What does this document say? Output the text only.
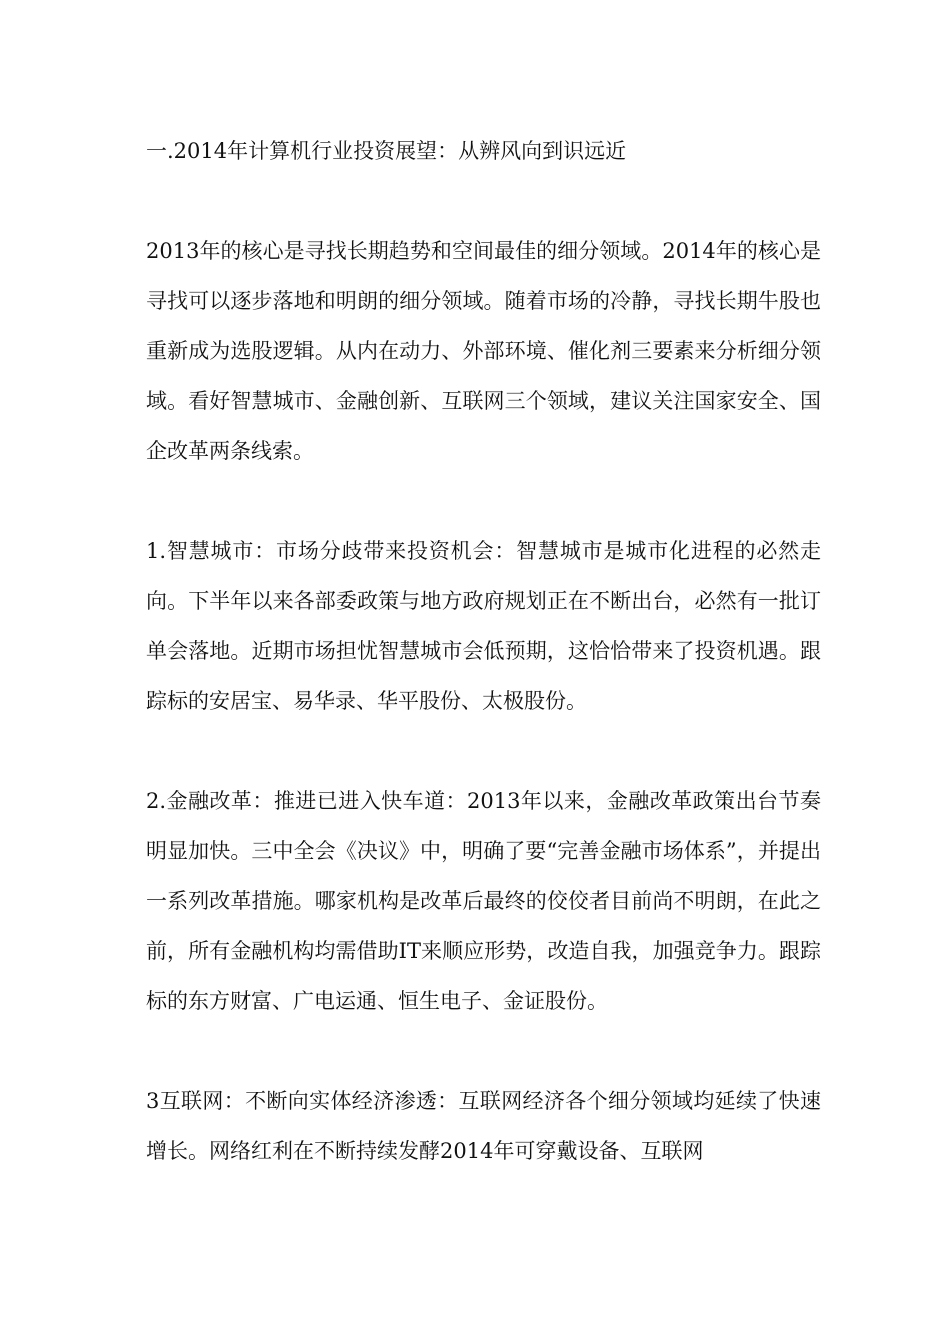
一.2014年计算机行业投资展望：从辨风向到识远近

2013年的核心是寻找长期趋势和空间最佳的细分领域。2014年的核心是寻找可以逐步落地和明朗的细分领域。随着市场的冷静，寻找长期牛股也重新成为选股逻辑。从内在动力、外部环境、催化剂三要素来分析细分领域。看好智慧城市、金融创新、互联网三个领域，建议关注国家安全、国企改革两条线索。

1.智慧城市：市场分歧带来投资机会：智慧城市是城市化进程的必然走向。下半年以来各部委政策与地方政府规划正在不断出台，必然有一批订单会落地。近期市场担忧智慧城市会低预期，这恰恰带来了投资机遇。跟踪标的安居宝、易华录、华平股份、太极股份。

2.金融改革：推进已进入快车道：2013年以来，金融改革政策出台节奏明显加快。三中全会《决议》中，明确了要“完善金融市场体系”，并提出一系列改革措施。哪家机构是改革后最终的佼佼者目前尚不明朗，在此之前，所有金融机构均需借助IT来顺应形势，改造自我，加强竞争力。跟踪标的东方财富、广电运通、恒生电子、金证股份。

3互联网：不断向实体经济渗透：互联网经济各个细分领域均延续了快速增长。网络红利在不断持续发酵2014年可穿戴设备、互联网
